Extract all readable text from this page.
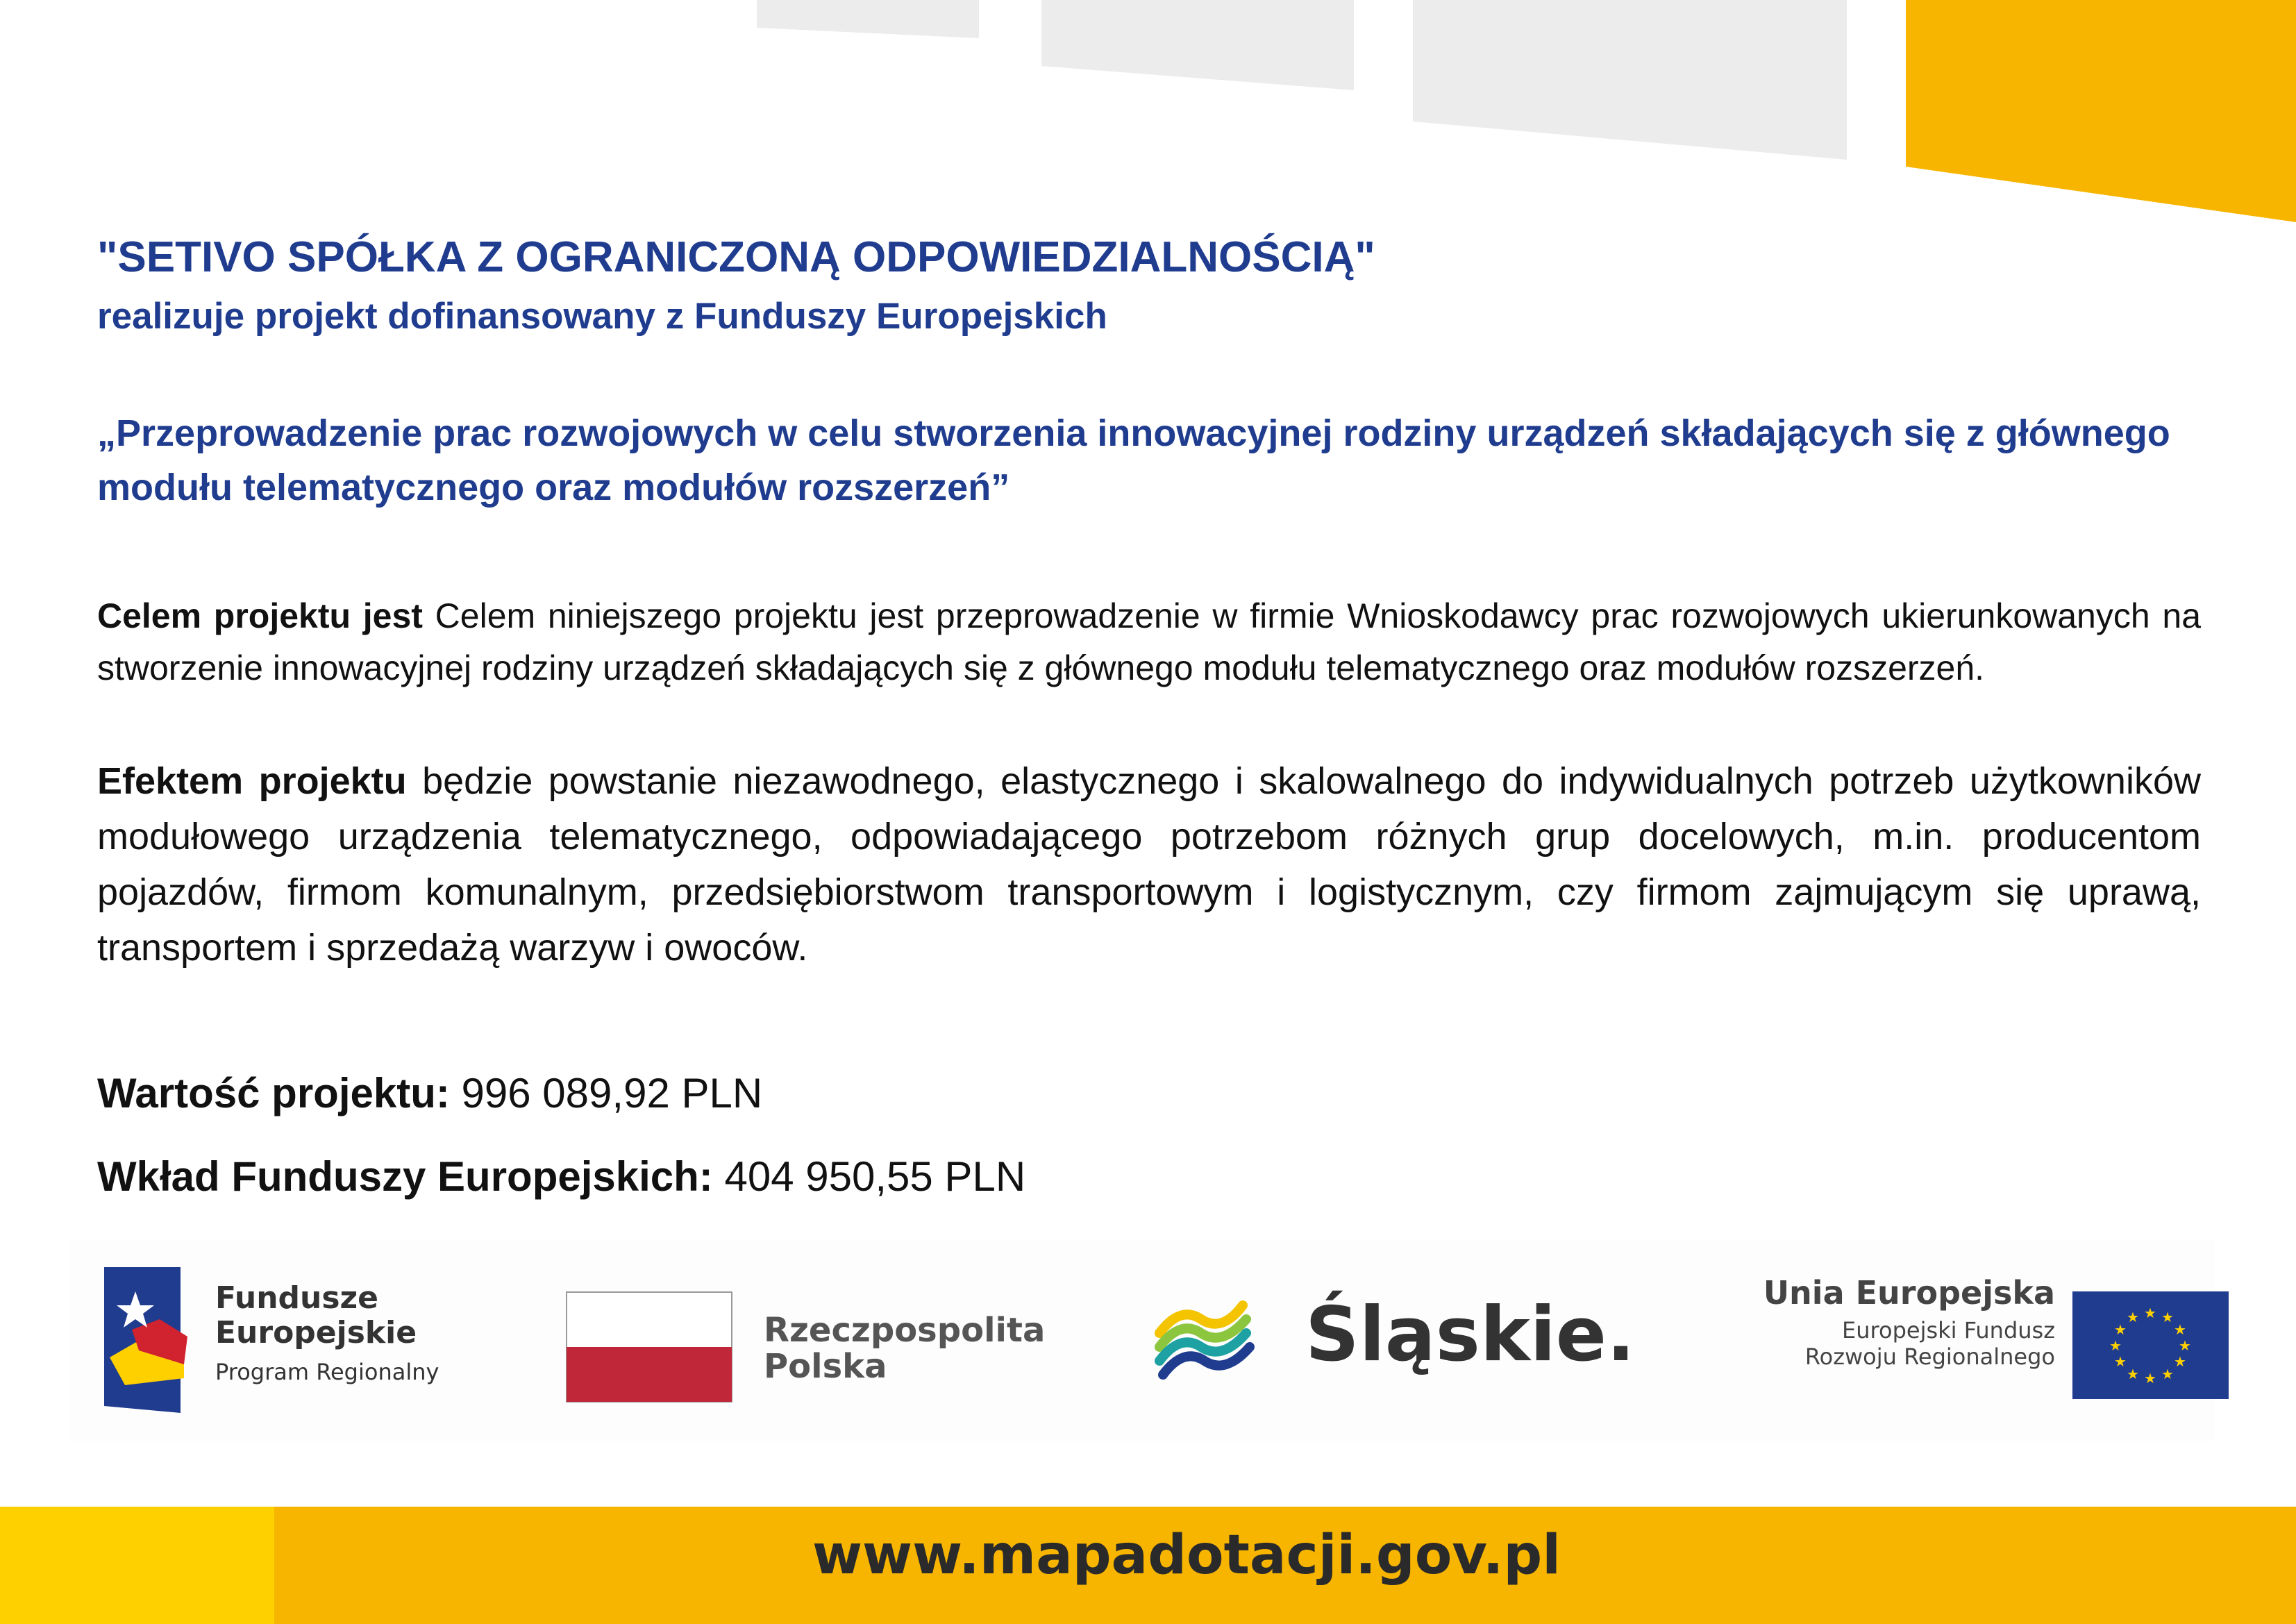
"SETIVO SPÓŁKA Z OGRANICZONĄ ODPOWIEDZIALNOŚCIĄ"
realizuje projekt dofinansowany z Funduszy Europejskich
„Przeprowadzenie prac rozwojowych w celu stworzenia innowacyjnej rodziny urządzeń składających się z głównego modułu telematycznego oraz modułów rozszerzeń”
Celem projektu jest Celem niniejszego projektu jest przeprowadzenie w firmie Wnioskodawcy prac rozwojowych ukierunkowanych na stworzenie innowacyjnej rodziny urządzeń składających się z głównego modułu telematycznego oraz modułów rozszerzeń.
Efektem projektu będzie powstanie niezawodnego, elastycznego i skalowalnego do indywidualnych potrzeb użytkowników modułowego urządzenia telematycznego, odpowiadającego potrzebom różnych grup docelowych, m.in. producentom pojazdów, firmom komunalnym, przedsiębiorstwom transportowym i logistycznym, czy firmom zajmującym się uprawą, transportem i sprzedażą warzyw i owoców.
Wartość projektu: 996 089,92 PLN
Wkład Funduszy Europejskich: 404 950,55 PLN
Fundusze
Europejskie
Program Regionalny
Rzeczpospolita
Polska	Śląskie.	Unia Europejska
Europejski Fundusz
Rozwoju Regionalnego
★ ★
★
★
★
★
★
★
★
★
★
★
www.mapadotacji.gov.pl
